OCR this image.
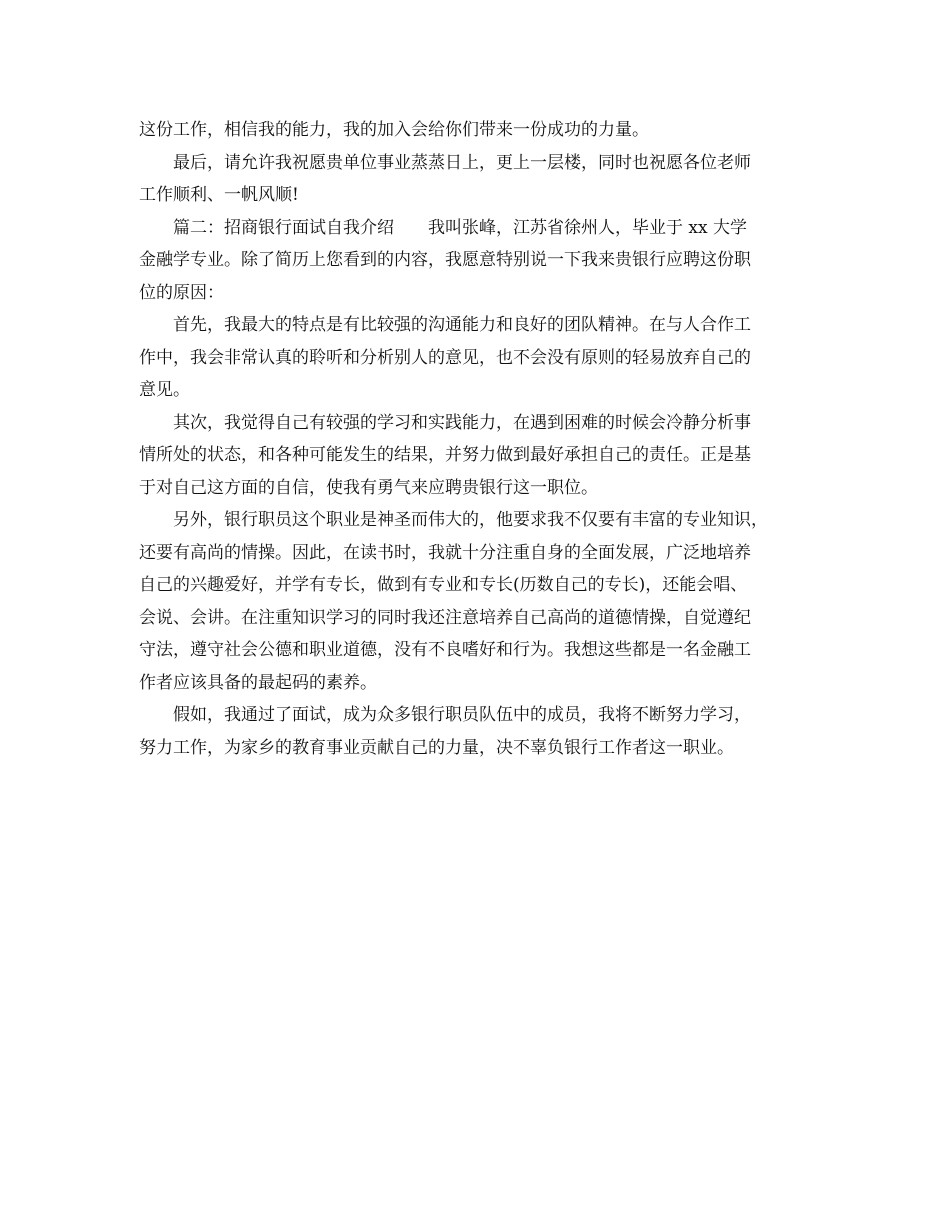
这份工作，相信我的能力，我的加入会给你们带来一份成功的力量。
最后，请允许我祝愿贵单位事业蒸蒸日上，更上一层楼，同时也祝愿各位老师
工作顺利、一帆风顺!
篇二：招商银行面试自我介绍　　我叫张峰，江苏省徐州人，毕业于 xx 大学
金融学专业。除了简历上您看到的内容，我愿意特别说一下我来贵银行应聘这份职
位的原因：
首先，我最大的特点是有比较强的沟通能力和良好的团队精神。在与人合作工
作中，我会非常认真的聆听和分析别人的意见，也不会没有原则的轻易放弃自己的
意见。
其次，我觉得自己有较强的学习和实践能力，在遇到困难的时候会冷静分析事
情所处的状态，和各种可能发生的结果，并努力做到最好承担自己的责任。正是基
于对自己这方面的自信，使我有勇气来应聘贵银行这一职位。
另外，银行职员这个职业是神圣而伟大的，他要求我不仅要有丰富的专业知识，
还要有高尚的情操。因此，在读书时，我就十分注重自身的全面发展，广泛地培养
自己的兴趣爱好，并学有专长，做到有专业和专长(历数自己的专长)，还能会唱、
会说、会讲。在注重知识学习的同时我还注意培养自己高尚的道德情操，自觉遵纪
守法，遵守社会公德和职业道德，没有不良嗜好和行为。我想这些都是一名金融工
作者应该具备的最起码的素养。
假如，我通过了面试，成为众多银行职员队伍中的成员，我将不断努力学习，
努力工作，为家乡的教育事业贡献自己的力量，决不辜负银行工作者这一职业。
